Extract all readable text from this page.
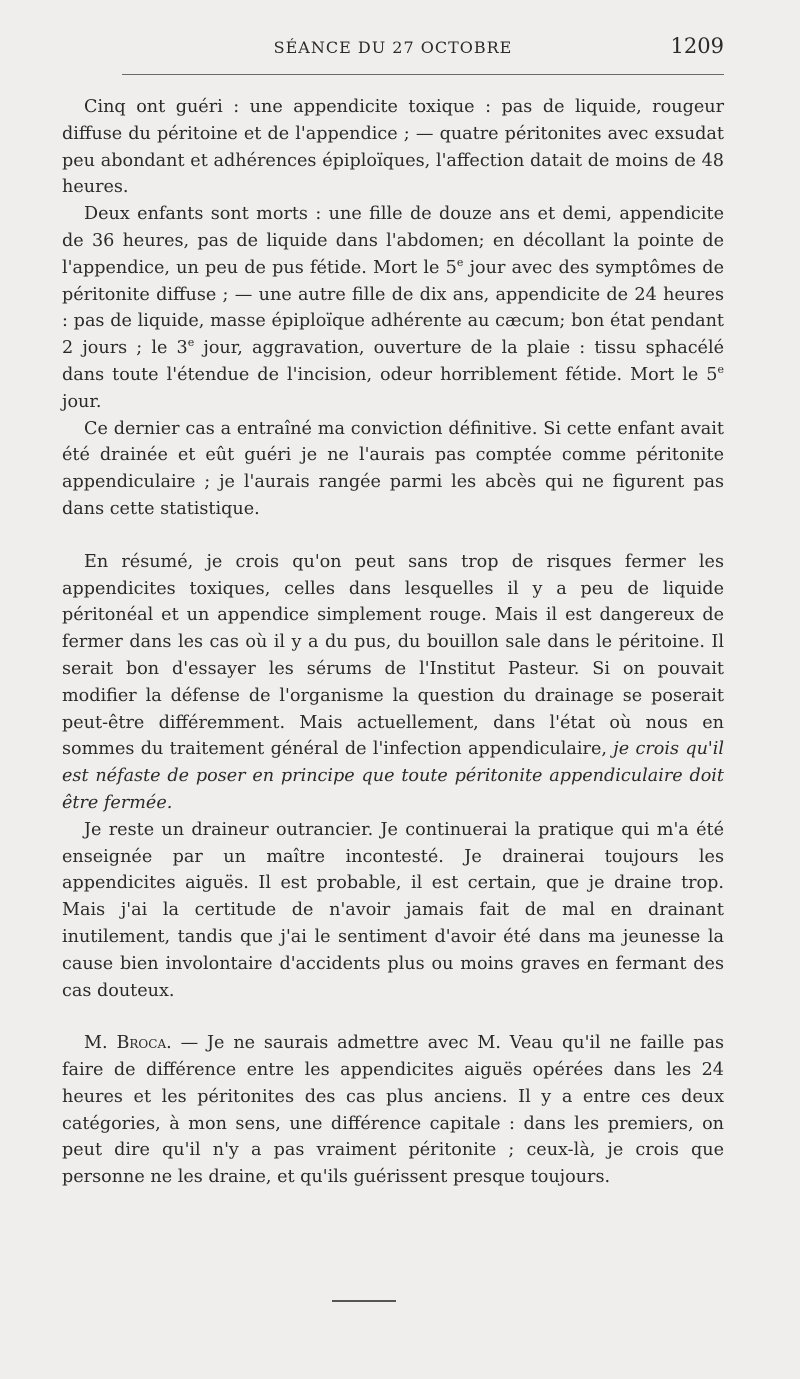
SÉANCE DU 27 OCTOBRE	1209

Cinq ont guéri : une appendicite toxique : pas de liquide, rougeur diffuse du péritoine et de l'appendice ; — quatre péritonites avec exsudat peu abondant et adhérences épiploïques, l'affection datait de moins de 48 heures.

Deux enfants sont morts : une fille de douze ans et demi, appendicite de 36 heures, pas de liquide dans l'abdomen; en décollant la pointe de l'appendice, un peu de pus fétide. Mort le 5e jour avec des symptômes de péritonite diffuse ; — une autre fille de dix ans, appendicite de 24 heures : pas de liquide, masse épiploïque adhérente au cæcum; bon état pendant 2 jours ; le 3e jour, aggravation, ouverture de la plaie : tissu sphacélé dans toute l'étendue de l'incision, odeur horriblement fétide. Mort le 5e jour.

Ce dernier cas a entraîné ma conviction définitive. Si cette enfant avait été drainée et eût guéri je ne l'aurais pas comptée comme péritonite appendiculaire ; je l'aurais rangée parmi les abcès qui ne figurent pas dans cette statistique.

En résumé, je crois qu'on peut sans trop de risques fermer les appendicites toxiques, celles dans lesquelles il y a peu de liquide péritonéal et un appendice simplement rouge. Mais il est dangereux de fermer dans les cas où il y a du pus, du bouillon sale dans le péritoine. Il serait bon d'essayer les sérums de l'Institut Pasteur. Si on pouvait modifier la défense de l'organisme la question du drainage se poserait peut-être différemment. Mais actuellement, dans l'état où nous en sommes du traitement général de l'infection appendiculaire, je crois qu'il est néfaste de poser en principe que toute péritonite appendiculaire doit être fermée.

Je reste un draineur outrancier. Je continuerai la pratique qui m'a été enseignée par un maître incontesté. Je drainerai toujours les appendicites aiguës. Il est probable, il est certain, que je draine trop. Mais j'ai la certitude de n'avoir jamais fait de mal en drainant inutilement, tandis que j'ai le sentiment d'avoir été dans ma jeunesse la cause bien involontaire d'accidents plus ou moins graves en fermant des cas douteux.

M. Broca. — Je ne saurais admettre avec M. Veau qu'il ne faille pas faire de différence entre les appendicites aiguës opérées dans les 24 heures et les péritonites des cas plus anciens. Il y a entre ces deux catégories, à mon sens, une différence capitale : dans les premiers, on peut dire qu'il n'y a pas vraiment péritonite ; ceux-là, je crois que personne ne les draine, et qu'ils guérissent presque toujours.
